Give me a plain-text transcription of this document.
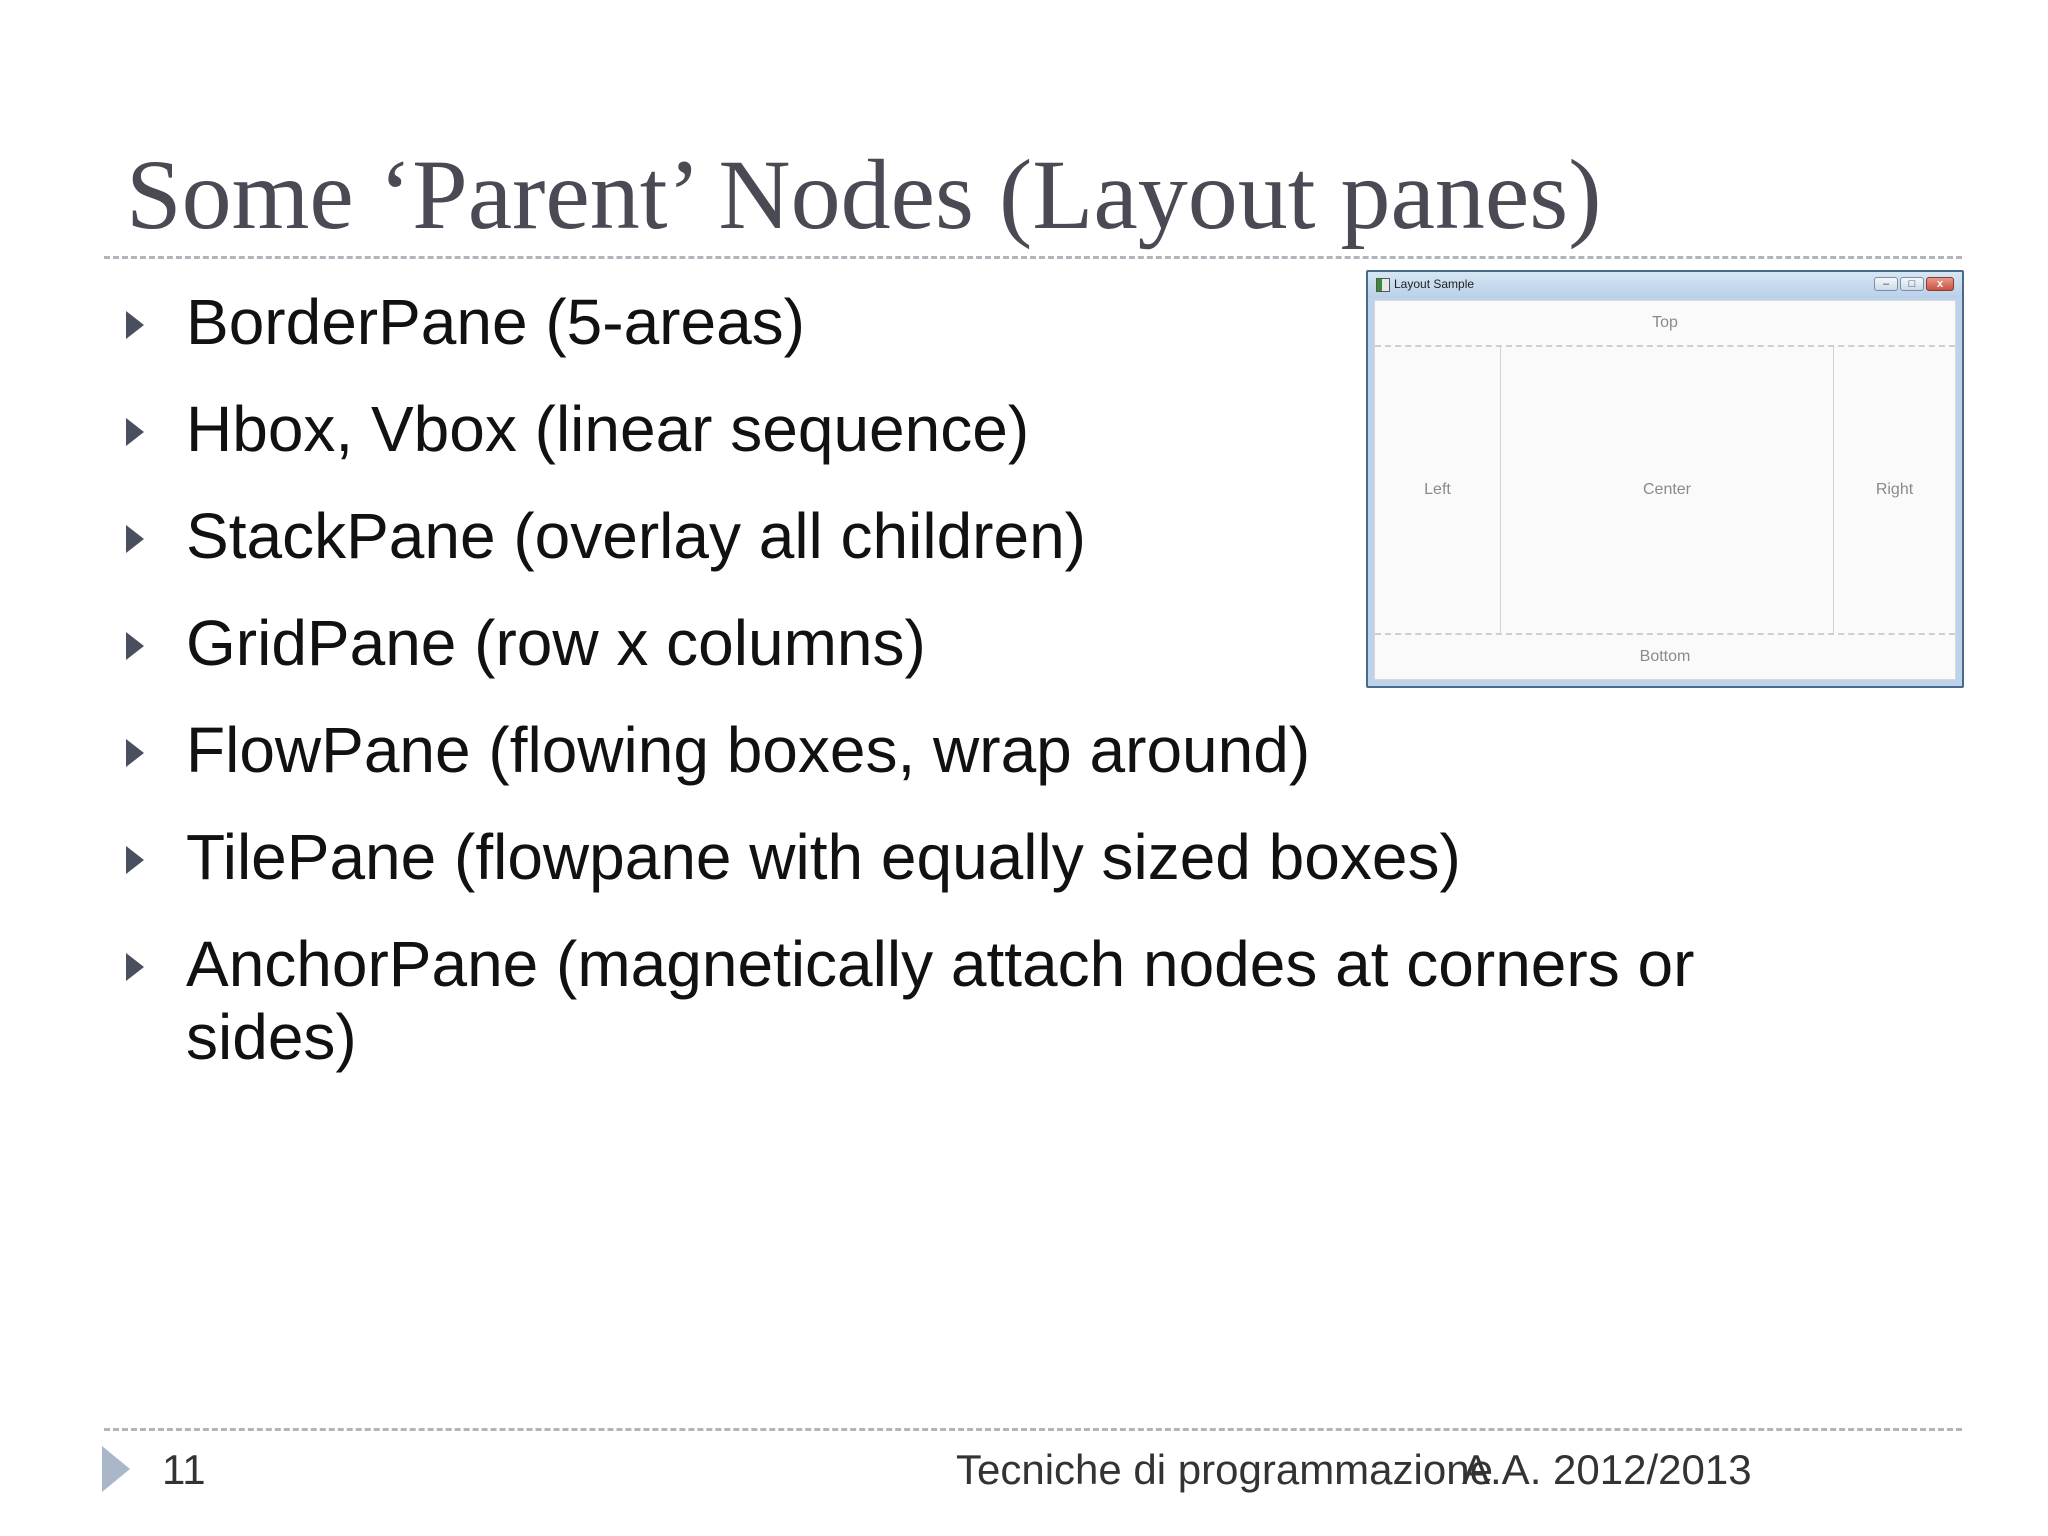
Some ‘Parent’ Nodes (Layout panes)
BorderPane (5-areas)
Hbox, Vbox (linear sequence)
StackPane (overlay all children)
GridPane (row x columns)
FlowPane (flowing boxes, wrap around)
TilePane (flowpane with equally sized boxes)
AnchorPane (magnetically attach nodes at corners or sides)
Layout Sample	–	□	x
Top
Left	Center	Right
Bottom
11	Tecniche di programmazione
A.A. 2012/2013
